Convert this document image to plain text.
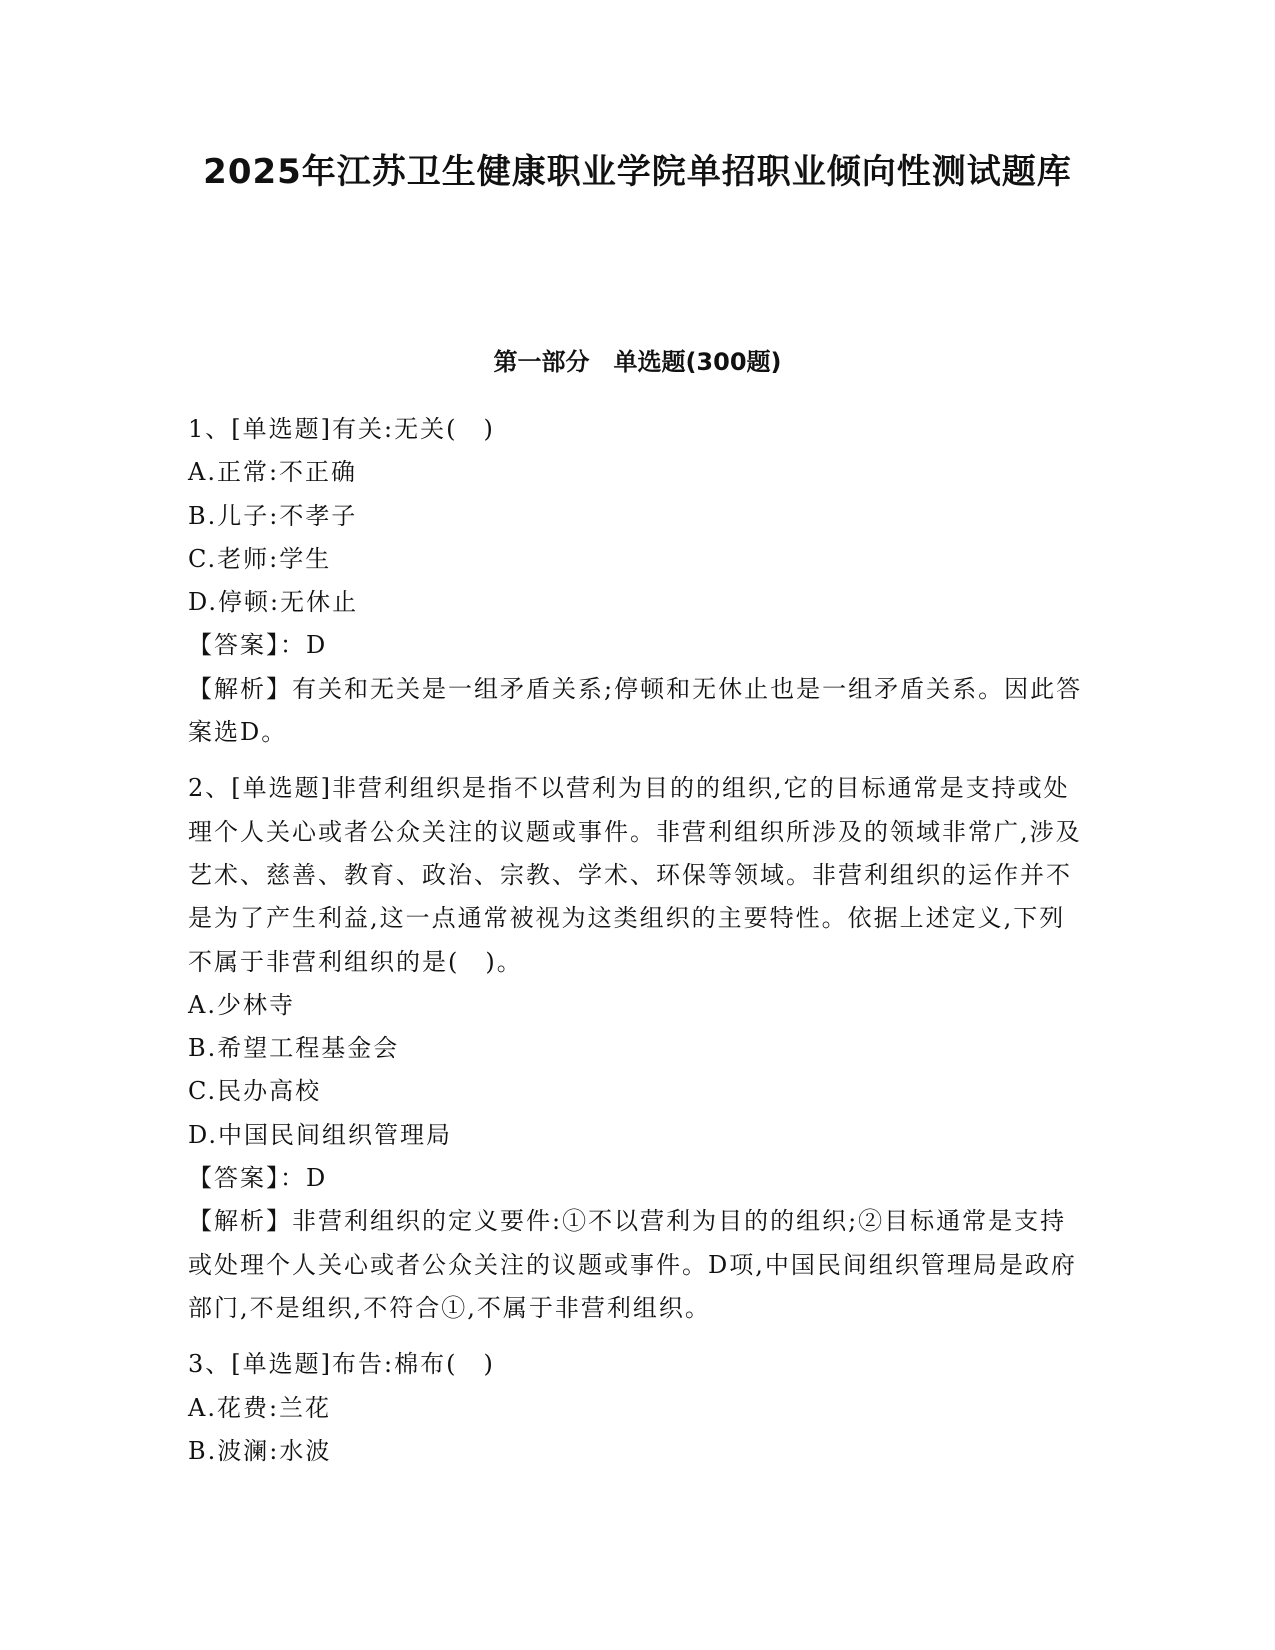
2025年江苏卫生健康职业学院单招职业倾向性测试题库
第一部分　单选题(300题)
1、[单选题]有关:无关(　)
A.正常:不正确
B.儿子:不孝子
C.老师:学生
D.停顿:无休止
【答案】：D
【解析】有关和无关是一组矛盾关系;停顿和无休止也是一组矛盾关系。因此答案选D。
2、[单选题]非营利组织是指不以营利为目的的组织,它的目标通常是支持或处理个人关心或者公众关注的议题或事件。非营利组织所涉及的领域非常广,涉及艺术、慈善、教育、政治、宗教、学术、环保等领域。非营利组织的运作并不是为了产生利益,这一点通常被视为这类组织的主要特性。依据上述定义,下列不属于非营利组织的是(　)。
A.少林寺
B.希望工程基金会
C.民办高校
D.中国民间组织管理局
【答案】：D
【解析】非营利组织的定义要件:①不以营利为目的的组织;②目标通常是支持或处理个人关心或者公众关注的议题或事件。D项,中国民间组织管理局是政府部门,不是组织,不符合①,不属于非营利组织。
3、[单选题]布告:棉布(　)
A.花费:兰花
B.波澜:水波
